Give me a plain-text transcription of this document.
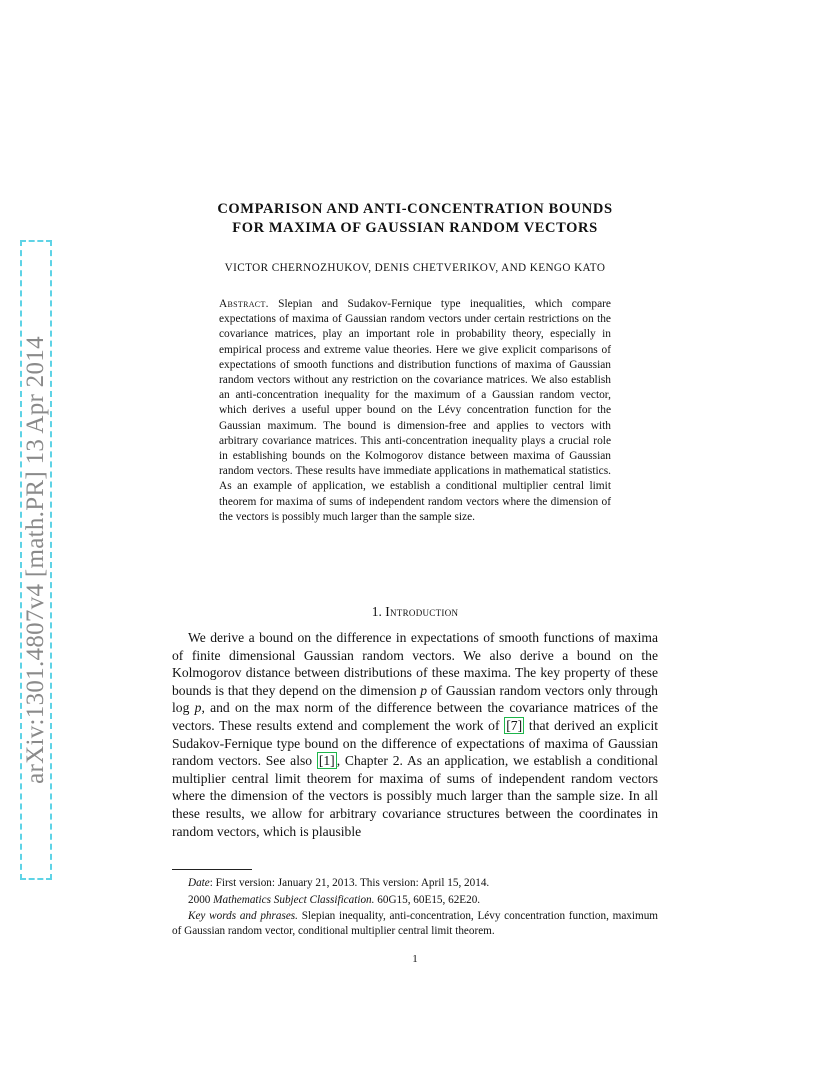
arXiv:1301.4807v4 [math.PR] 13 Apr 2014
COMPARISON AND ANTI-CONCENTRATION BOUNDS
FOR MAXIMA OF GAUSSIAN RANDOM VECTORS
VICTOR CHERNOZHUKOV, DENIS CHETVERIKOV, AND KENGO KATO
Abstract. Slepian and Sudakov-Fernique type inequalities, which compare expectations of maxima of Gaussian random vectors under certain restrictions on the covariance matrices, play an important role in probability theory, especially in empirical process and extreme value theories. Here we give explicit comparisons of expectations of smooth functions and distribution functions of maxima of Gaussian random vectors without any restriction on the covariance matrices. We also establish an anti-concentration inequality for the maximum of a Gaussian random vector, which derives a useful upper bound on the Lévy concentration function for the Gaussian maximum. The bound is dimension-free and applies to vectors with arbitrary covariance matrices. This anti-concentration inequality plays a crucial role in establishing bounds on the Kolmogorov distance between maxima of Gaussian random vectors. These results have immediate applications in mathematical statistics. As an example of application, we establish a conditional multiplier central limit theorem for maxima of sums of independent random vectors where the dimension of the vectors is possibly much larger than the sample size.
1. Introduction

We derive a bound on the difference in expectations of smooth functions of maxima of finite dimensional Gaussian random vectors. We also derive a bound on the Kolmogorov distance between distributions of these maxima. The key property of these bounds is that they depend on the dimension p of Gaussian random vectors only through log p, and on the max norm of the difference between the covariance matrices of the vectors. These results extend and complement the work of [7] that derived an explicit Sudakov-Fernique type bound on the difference of expectations of maxima of Gaussian random vectors. See also [1] , Chapter 2. As an application, we establish a conditional multiplier central limit theorem for maxima of sums of independent random vectors where the dimension of the vectors is possibly much larger than the sample size. In all these results, we allow for arbitrary covariance structures between the coordinates in random vectors, which is plausible

Date: First version: January 21, 2013. This version: April 15, 2014.

2000 Mathematics Subject Classification. 60G15, 60E15, 62E20.

Key words and phrases. Slepian inequality, anti-concentration, Lévy concentration function, maximum of Gaussian random vector, conditional multiplier central limit theorem.

1
